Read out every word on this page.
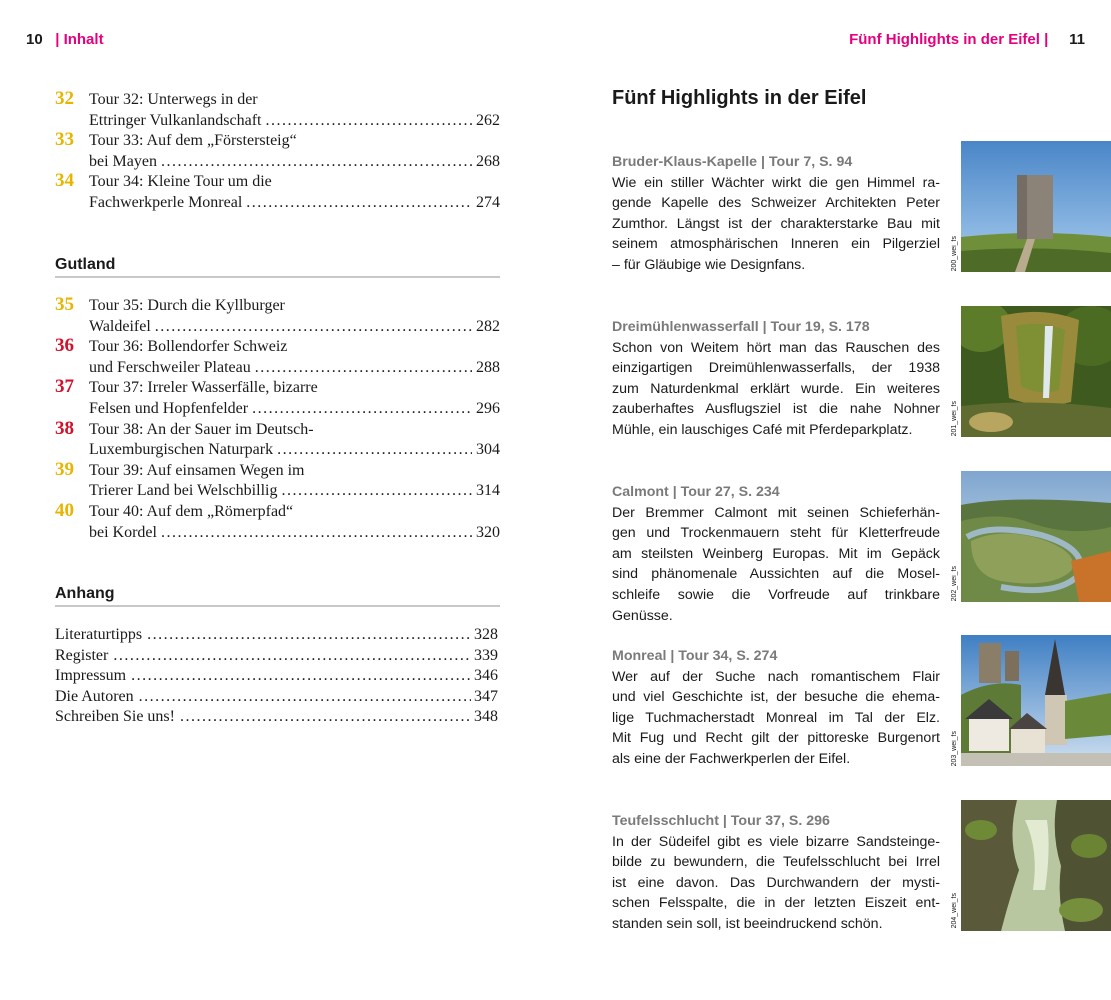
10 | Inhalt	Fünf Highlights in der Eifel | 11
32 Tour 32: Unterwegs in der
Ettringer Vulkanlandschaft .....	262
33 Tour 33: Auf dem „Förstersteig“
bei Mayen .....	268
34 Tour 34: Kleine Tour um die
Fachwerkperle Monreal .....	274
Gutland
35 Tour 35: Durch die Kyllburger
Waldeifel .....	282
36 Tour 36: Bollendorfer Schweiz
und Ferschweiler Plateau .....	288
37 Tour 37: Irreler Wasserfälle, bizarre
Felsen und Hopfenfelder .....	296
38 Tour 38: An der Sauer im Deutsch-
Luxemburgischen Naturpark .....	304
39 Tour 39: Auf einsamen Wegen im
Trierer Land bei Welschbillig .....	314
40 Tour 40: Auf dem „Römerpfad“
bei Kordel .....	320
Anhang
Literaturtipps .....	328
Register .....	339
Impressum .....	346
Die Autoren .....	347
Schreiben Sie uns! .....	348
Fünf Highlights in der Eifel
Bruder-Klaus-Kapelle | Tour 7, S. 94
Wie ein stiller Wächter wirkt die gen Himmel ra-
gende Kapelle des Schweizer Architekten Peter
Zumthor. Längst ist der charakterstarke Bau mit
seinem atmosphärischen Inneren ein Pilgerziel
– für Gläubige wie Designfans.	200_wei_fs
Dreimühlenwasserfall | Tour 19, S. 178
Schon von Weitem hört man das Rauschen des
einzigartigen Dreimühlenwasserfalls, der 1938
zum Naturdenkmal erklärt wurde. Ein weiteres
zauberhaftes Ausflugsziel ist die nahe Nohner
Mühle, ein lauschiges Café mit Pferdeparkplatz.	201_wei_fs
Calmont | Tour 27, S. 234
Der Bremmer Calmont mit seinen Schieferhän-
gen und Trockenmauern steht für Kletterfreude
am steilsten Weinberg Europas. Mit im Gepäck
sind phänomenale Aussichten auf die Mosel-
schleife sowie die Vorfreude auf trinkbare
Genüsse.
202_wei_fs
Monreal | Tour 34, S. 274
Wer auf der Suche nach romantischem Flair
und viel Geschichte ist, der besuche die ehema-
lige Tuchmacherstadt Monreal im Tal der Elz.
Mit Fug und Recht gilt der pittoreske Burgenort
als eine der Fachwerkperlen der Eifel.	203_wei_fs
Teufelsschlucht | Tour 37, S. 296
In der Südeifel gibt es viele bizarre Sandsteinge-
bilde zu bewundern, die Teufelsschlucht bei Irrel
ist eine davon. Das Durchwandern der mysti-
schen Felsspalte, die in der letzten Eiszeit ent-
standen sein soll, ist beeindruckend schön.	204_wei_fs
